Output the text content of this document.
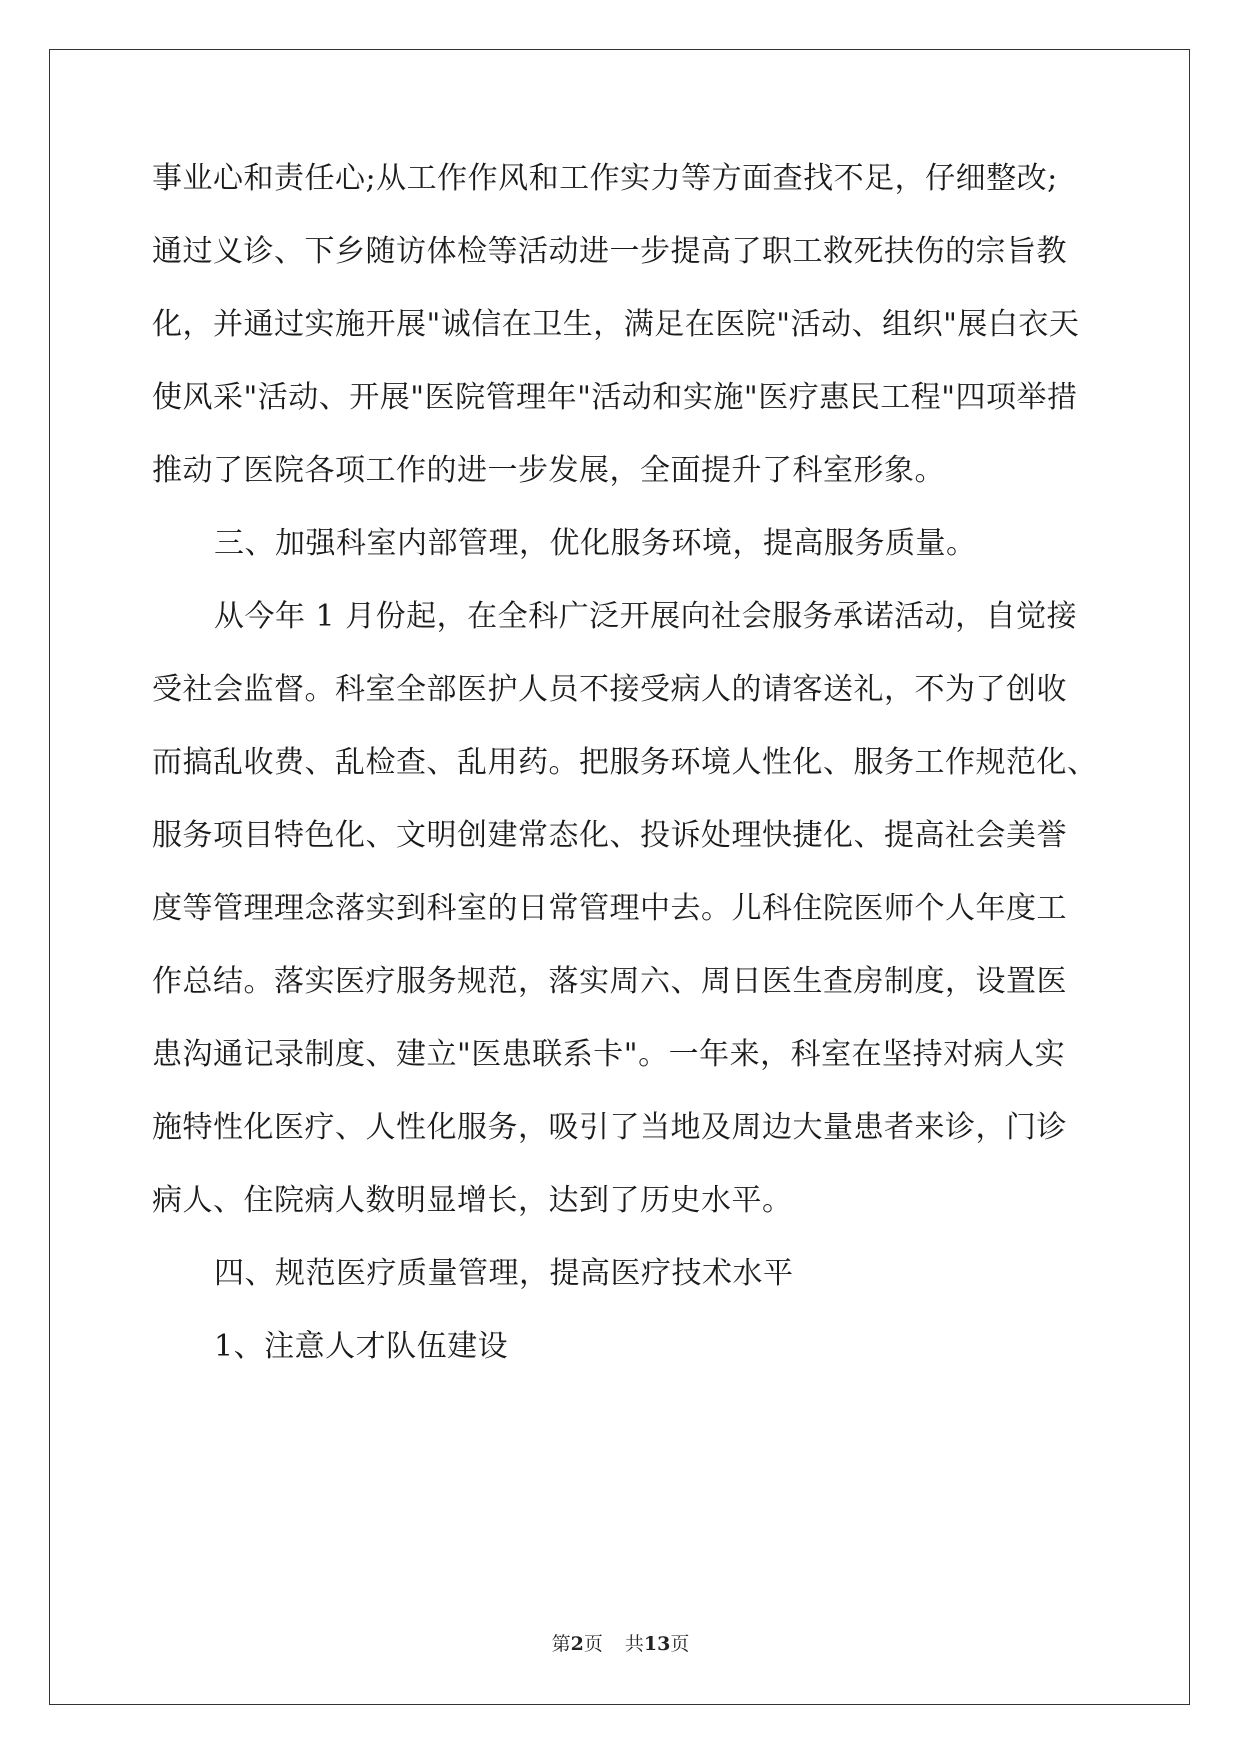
事业心和责任心;从工作作风和工作实力等方面查找不足，仔细整改;
通过义诊、下乡随访体检等活动进一步提高了职工救死扶伤的宗旨教
化，并通过实施开展"诚信在卫生，满足在医院"活动、组织"展白衣天
使风采"活动、开展"医院管理年"活动和实施"医疗惠民工程"四项举措
推动了医院各项工作的进一步发展，全面提升了科室形象。
三、加强科室内部管理，优化服务环境，提高服务质量。
从今年 1 月份起，在全科广泛开展向社会服务承诺活动，自觉接
受社会监督。科室全部医护人员不接受病人的请客送礼，不为了创收
而搞乱收费、乱检查、乱用药。把服务环境人性化、服务工作规范化、
服务项目特色化、文明创建常态化、投诉处理快捷化、提高社会美誉
度等管理理念落实到科室的日常管理中去。儿科住院医师个人年度工
作总结。落实医疗服务规范，落实周六、周日医生查房制度，设置医
患沟通记录制度、建立"医患联系卡"。一年来，科室在坚持对病人实
施特性化医疗、人性化服务，吸引了当地及周边大量患者来诊，门诊
病人、住院病人数明显增长，达到了历史水平。
四、规范医疗质量管理，提高医疗技术水平
1、注意人才队伍建设
第2页 共13页
